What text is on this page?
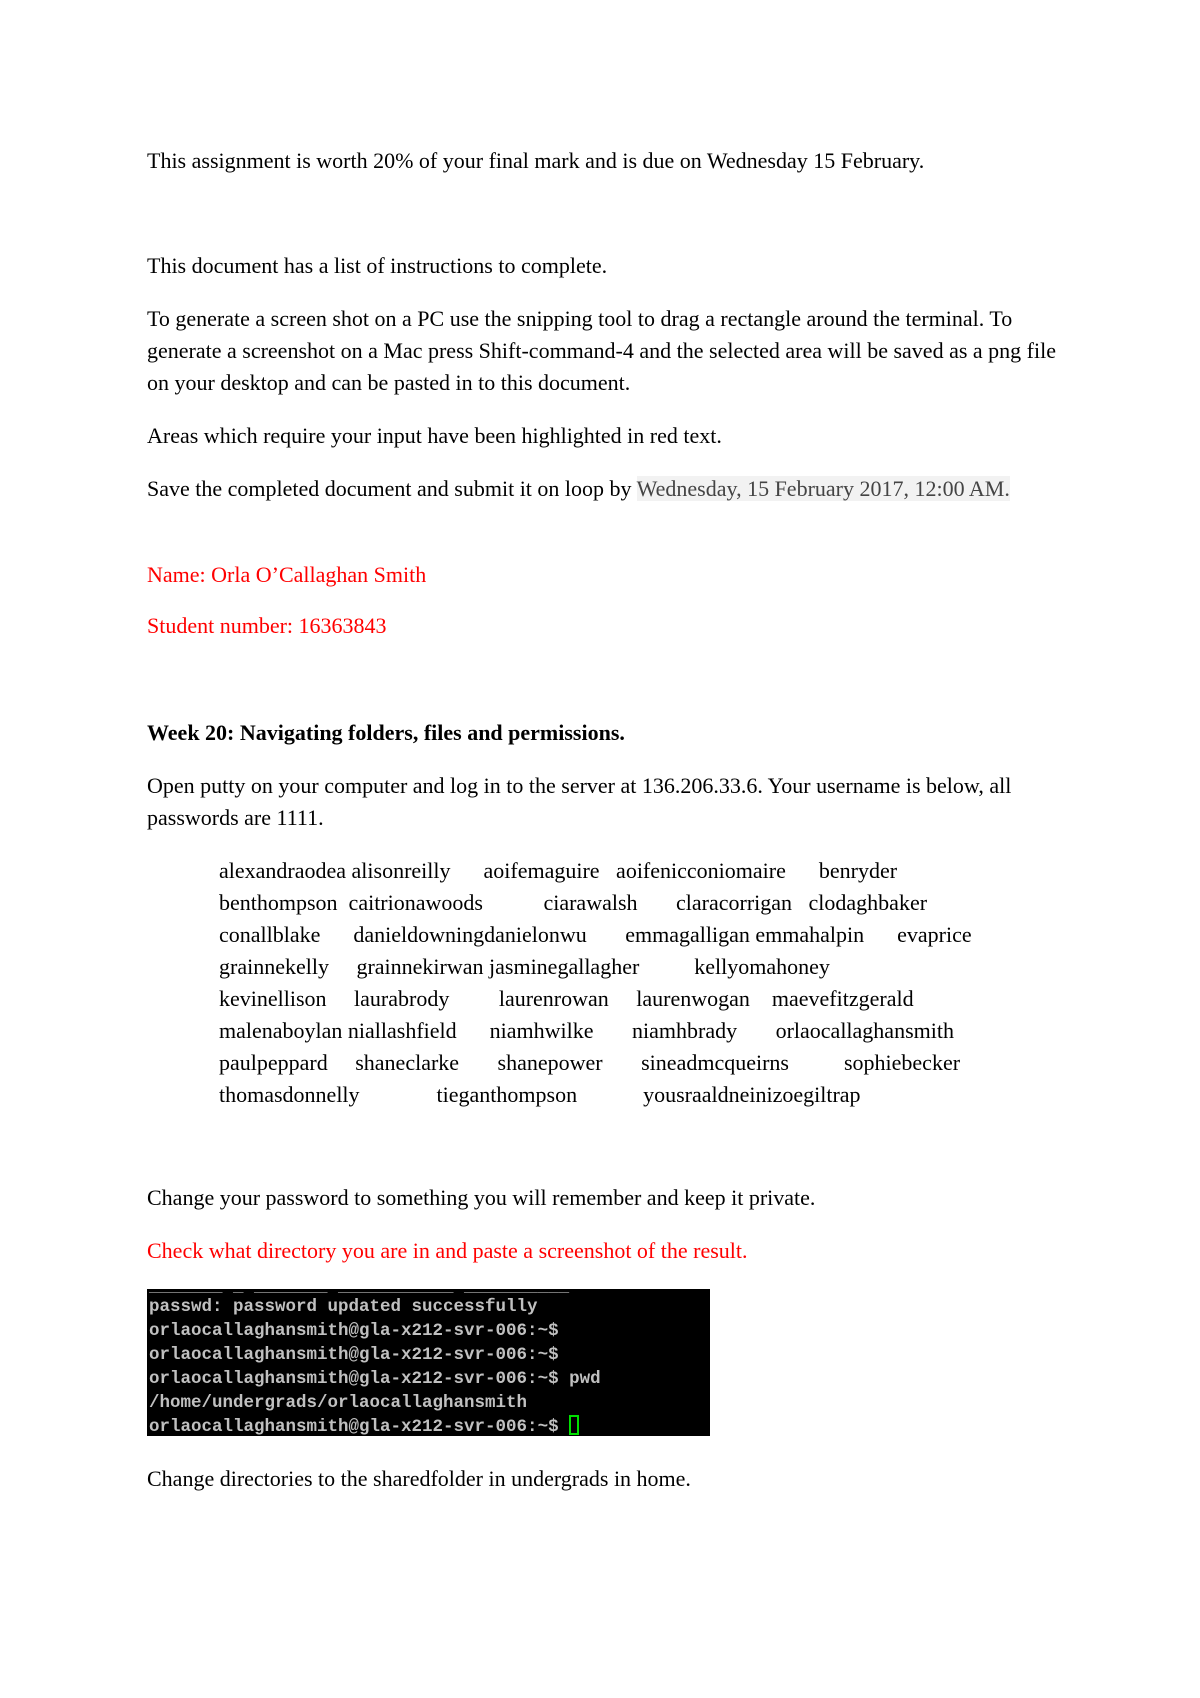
This assignment is worth 20% of your final mark and is due on Wednesday 15 February.

This document has a list of instructions to complete.

To generate a screen shot on a PC use the snipping tool to drag a rectangle around the terminal. To generate a screenshot on a Mac press Shift-command-4 and the selected area will be saved as a png file on your desktop and can be pasted in to this document.

Areas which require your input have been highlighted in red text.

Save the completed document and submit it on loop by Wednesday, 15 February 2017, 12:00 AM.

Name: Orla O’Callaghan Smith

Student number: 16363843

Week 20: Navigating folders, files and permissions.

Open putty on your computer and log in to the server at 136.206.33.6. Your username is below, all passwords are 1111.

alexandraodea alisonreilly      aoifemaguire   aoifenicconiomaire      benryder
benthompson  caitrionawoods           ciarawalsh       claracorrigan   clodaghbaker
conallblake      danieldowningdanielonwu       emmagalligan emmahalpin      evaprice
grainnekelly     grainnekirwan jasminegallagher          kellyomahoney
kevinellison     laurabrody         laurenrowan     laurenwogan    maevefitzgerald
malenaboylan niallashfield      niamhwilke       niamhbrady       orlaocallaghansmith
paulpeppard     shaneclarke       shanepower       sineadmcqueirns          sophiebecker
thomasdonnelly              tieganthompson            yousraaldneinizoegiltrap

Change your password to something you will remember and keep it private.

Check what directory you are in and paste a screenshot of the result.

_______ _ _______ ___________ __________
passwd: password updated successfully
orlaocallaghansmith@gla-x212-svr-006:~$
orlaocallaghansmith@gla-x212-svr-006:~$
orlaocallaghansmith@gla-x212-svr-006:~$ pwd
/home/undergrads/orlaocallaghansmith
orlaocallaghansmith@gla-x212-svr-006:~$

Change directories to the sharedfolder in undergrads in home.
